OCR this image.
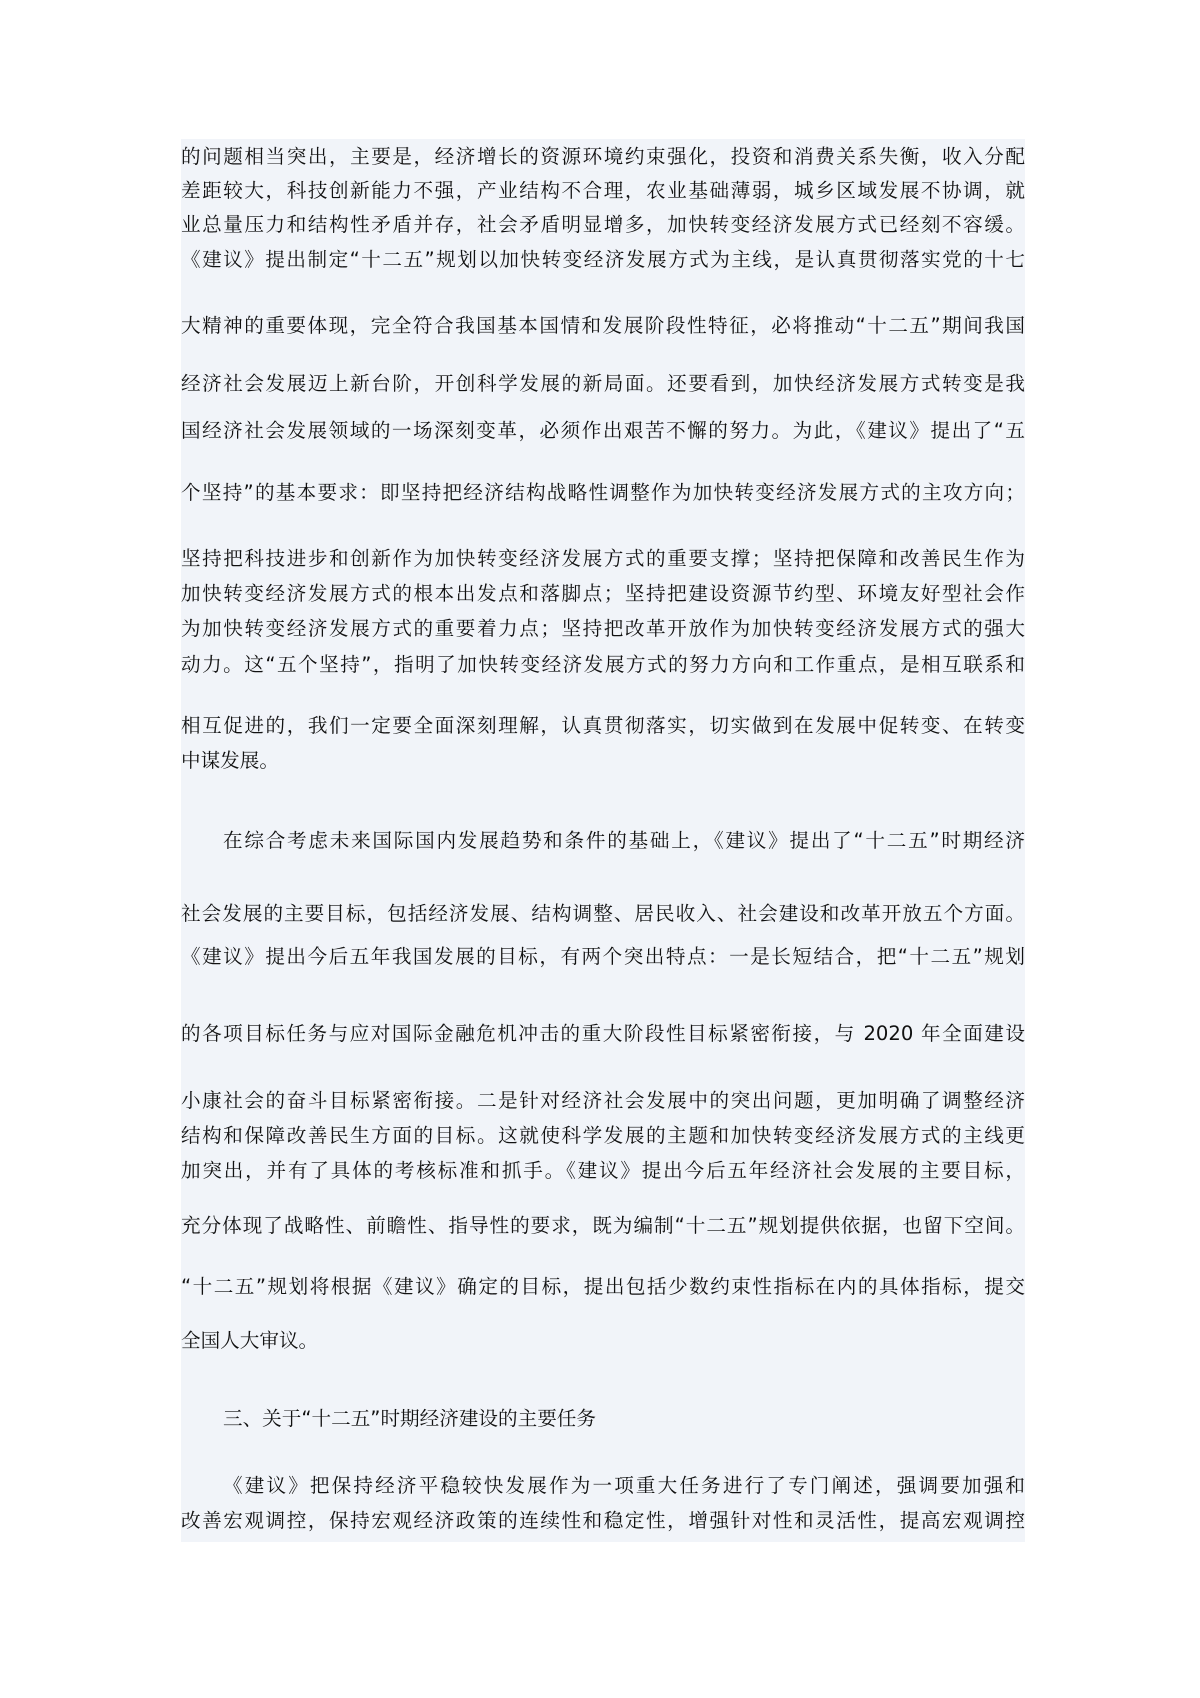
的问题相当突出，主要是，经济增长的资源环境约束强化，投资和消费关系失衡，收入分配
差距较大，科技创新能力不强，产业结构不合理，农业基础薄弱，城乡区域发展不协调，就
业总量压力和结构性矛盾并存，社会矛盾明显增多，加快转变经济发展方式已经刻不容缓。
《建议》提出制定“十二五”规划以加快转变经济发展方式为主线，是认真贯彻落实党的十七
大精神的重要体现，完全符合我国基本国情和发展阶段性特征，必将推动“十二五”期间我国
经济社会发展迈上新台阶，开创科学发展的新局面。还要看到，加快经济发展方式转变是我
国经济社会发展领域的一场深刻变革，必须作出艰苦不懈的努力。为此，《建议》提出了“五
个坚持”的基本要求：即坚持把经济结构战略性调整作为加快转变经济发展方式的主攻方向；
坚持把科技进步和创新作为加快转变经济发展方式的重要支撑；坚持把保障和改善民生作为
加快转变经济发展方式的根本出发点和落脚点；坚持把建设资源节约型、环境友好型社会作
为加快转变经济发展方式的重要着力点；坚持把改革开放作为加快转变经济发展方式的强大
动力。这“五个坚持”，指明了加快转变经济发展方式的努力方向和工作重点，是相互联系和
相互促进的，我们一定要全面深刻理解，认真贯彻落实，切实做到在发展中促转变、在转变
中谋发展。
在综合考虑未来国际国内发展趋势和条件的基础上，《建议》提出了“十二五”时期经济
社会发展的主要目标，包括经济发展、结构调整、居民收入、社会建设和改革开放五个方面。
《建议》提出今后五年我国发展的目标，有两个突出特点：一是长短结合，把“十二五”规划
的各项目标任务与应对国际金融危机冲击的重大阶段性目标紧密衔接，与 2020 年全面建设
小康社会的奋斗目标紧密衔接。二是针对经济社会发展中的突出问题，更加明确了调整经济
结构和保障改善民生方面的目标。这就使科学发展的主题和加快转变经济发展方式的主线更
加突出，并有了具体的考核标准和抓手。《建议》提出今后五年经济社会发展的主要目标，
充分体现了战略性、前瞻性、指导性的要求，既为编制“十二五”规划提供依据，也留下空间。
“十二五”规划将根据《建议》确定的目标，提出包括少数约束性指标在内的具体指标，提交
全国人大审议。
三、关于“十二五”时期经济建设的主要任务
《建议》把保持经济平稳较快发展作为一项重大任务进行了专门阐述，强调要加强和
改善宏观调控，保持宏观经济政策的连续性和稳定性，增强针对性和灵活性，提高宏观调控
